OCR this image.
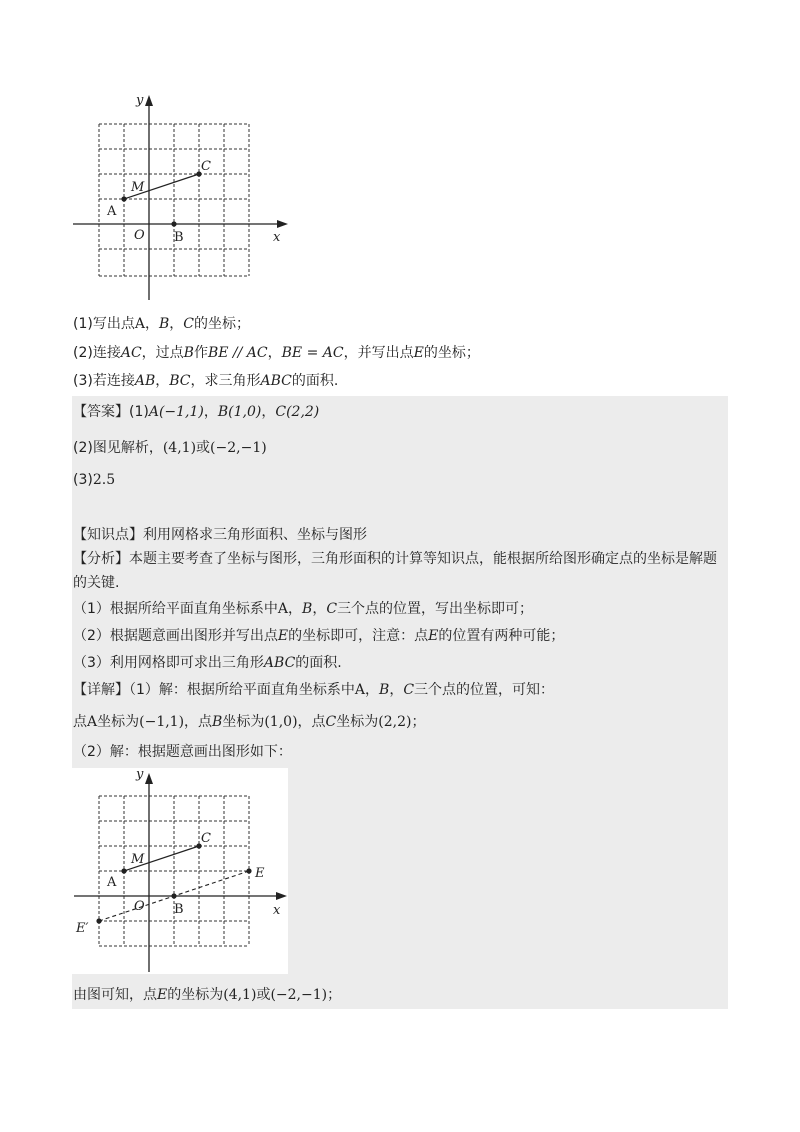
y
x
O
A
B
C
M
(1)写出点A，B，C的坐标；
(2)连接AC，过点B作BE // AC，BE = AC，并写出点E的坐标；
(3)若连接AB，BC，求三角形ABC的面积.
【答案】(1)A(−1,1)，B(1,0)，C(2,2)
(2)图见解析，(4,1)或(−2,−1)
(3)2.5
【知识点】利用网格求三角形面积、坐标与图形
【分析】本题主要考查了坐标与图形，三角形面积的计算等知识点，能根据所给图形确定点的坐标是解题
的关键.
（1）根据所给平面直角坐标系中A，B，C三个点的位置，写出坐标即可；
（2）根据题意画出图形并写出点E的坐标即可，注意：点E的位置有两种可能；
（3）利用网格即可求出三角形ABC的面积.
【详解】（1）解：根据所给平面直角坐标系中A，B，C三个点的位置，可知：
点A坐标为(−1,1)，点B坐标为(1,0)，点C坐标为(2,2)；
（2）解：根据题意画出图形如下：
y
x
O
A
B
C
M
E
E′
由图可知，点E的坐标为(4,1)或(−2,−1)；
